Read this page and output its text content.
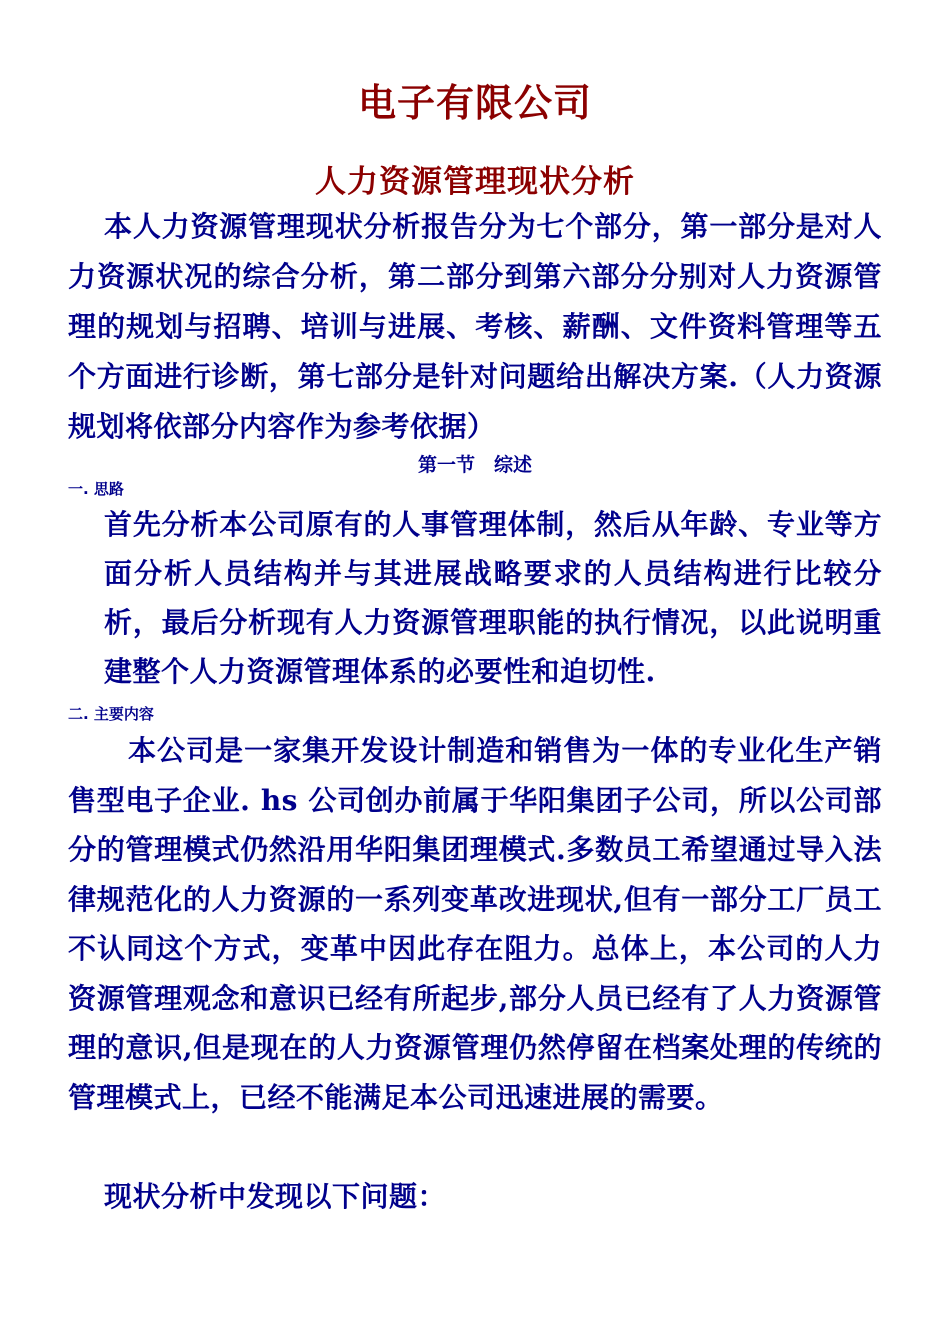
电子有限公司
人力资源管理现状分析
本人力资源管理现状分析报告分为七个部分，第一部分是对人力资源状况的综合分析，第二部分到第六部分分别对人力资源管理的规划与招聘、培训与进展、考核、薪酬、文件资料管理等五个方面进行诊断，第七部分是针对问题给出解决方案.（人力资源规划将依部分内容作为参考依据）
第一节　综述
一. 思路
首先分析本公司原有的人事管理体制，然后从年龄、专业等方面分析人员结构并与其进展战略要求的人员结构进行比较分析，最后分析现有人力资源管理职能的执行情况，以此说明重建整个人力资源管理体系的必要性和迫切性.
二. 主要内容
本公司是一家集开发设计制造和销售为一体的专业化生产销售型电子企业. hs 公司创办前属于华阳集团子公司，所以公司部分的管理模式仍然沿用华阳集团理模式.多数员工希望通过导入法律规范化的人力资源的一系列变革改进现状,但有一部分工厂员工不认同这个方式，变革中因此存在阻力。总体上，本公司的人力资源管理观念和意识已经有所起步,部分人员已经有了人力资源管理的意识,但是现在的人力资源管理仍然停留在档案处理的传统的管理模式上，已经不能满足本公司迅速进展的需要。
现状分析中发现以下问题：
